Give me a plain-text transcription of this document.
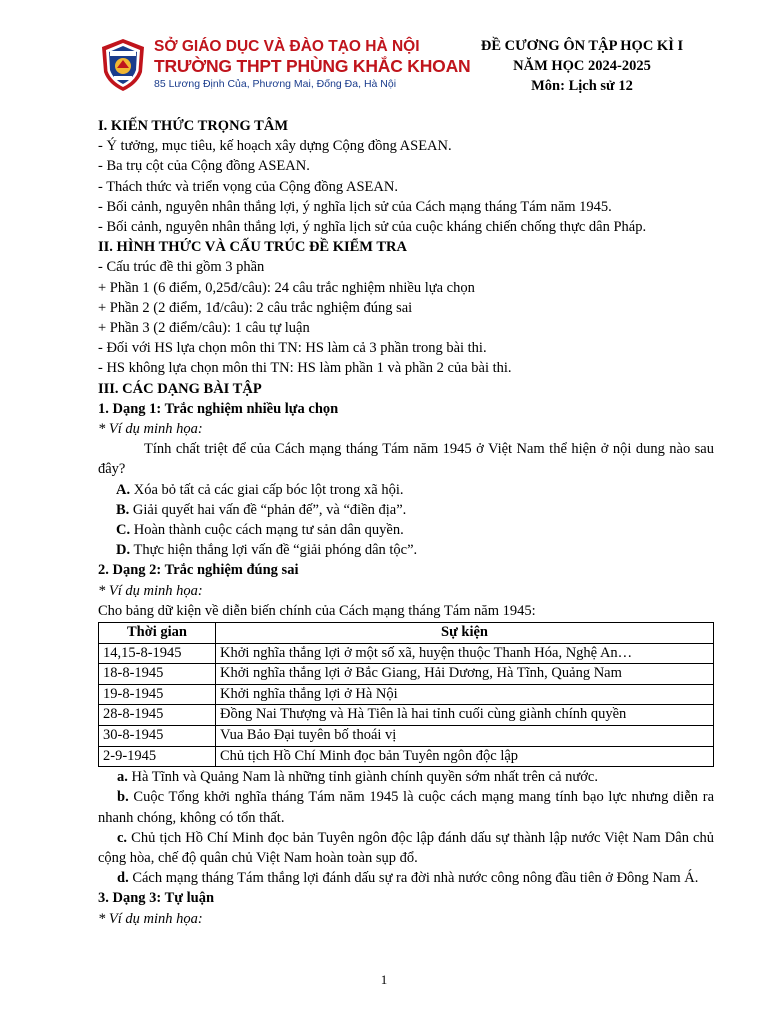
SỞ GIÁO DỤC VÀ ĐÀO TẠO HÀ NỘI
TRƯỜNG THPT PHÙNG KHẮC KHOAN
85 Lương Định Của, Phương Mai, Đống Đa, Hà Nội
ĐỀ CƯƠNG ÔN TẬP HỌC KÌ I
NĂM HỌC 2024-2025
Môn: Lịch sử 12

I. KIẾN THỨC TRỌNG TÂM

- Ý tưởng, mục tiêu, kế hoạch xây dựng Cộng đồng ASEAN.

- Ba trụ cột của Cộng đồng ASEAN.

- Thách thức và triển vọng của Cộng đồng ASEAN.

- Bối cảnh, nguyên nhân thắng lợi, ý nghĩa lịch sử của Cách mạng tháng Tám năm 1945.

- Bối cảnh, nguyên nhân thắng lợi, ý nghĩa lịch sử của cuộc kháng chiến chống thực dân Pháp.

II. HÌNH THỨC VÀ CẤU TRÚC ĐỀ KIỂM TRA

- Cấu trúc đề thi gồm 3 phần

+ Phần 1 (6 điểm, 0,25đ/câu): 24 câu trắc nghiệm nhiều lựa chọn

+ Phần 2 (2 điểm, 1đ/câu): 2 câu trắc nghiệm đúng sai

+ Phần 3 (2 điểm/câu): 1 câu tự luận

- Đối với HS lựa chọn môn thi TN: HS làm cả 3 phần trong bài thi.

- HS không lựa chọn môn thi TN: HS làm phần 1 và phần 2 của bài thi.

III. CÁC DẠNG BÀI TẬP

1. Dạng 1: Trắc nghiệm nhiều lựa chọn

* Ví dụ minh họa:

Tính chất triệt để của Cách mạng tháng Tám năm 1945 ở Việt Nam thể hiện ở nội dung nào sau đây?

A. Xóa bỏ tất cả các giai cấp bóc lột trong xã hội.

B. Giải quyết hai vấn đề “phản đế”, và “điền địa”.

C. Hoàn thành cuộc cách mạng tư sản dân quyền.

D. Thực hiện thắng lợi vấn đề “giải phóng dân tộc”.

2. Dạng 2: Trắc nghiệm đúng sai

* Ví dụ minh họa:

Cho bảng dữ kiện về diễn biến chính của Cách mạng tháng Tám năm 1945:

Thời gian	Sự kiện
14,15-8-1945	Khởi nghĩa thắng lợi ở một số xã, huyện thuộc Thanh Hóa, Nghệ An…
18-8-1945	Khởi nghĩa thắng lợi ở Bắc Giang, Hải Dương, Hà Tĩnh, Quảng Nam
19-8-1945	Khởi nghĩa thắng lợi ở Hà Nội
28-8-1945	Đồng Nai Thượng và Hà Tiên là hai tỉnh cuối cùng giành chính quyền
30-8-1945	Vua Bảo Đại tuyên bố thoái vị
2-9-1945	Chủ tịch Hồ Chí Minh đọc bản Tuyên ngôn độc lập

a. Hà Tĩnh và Quảng Nam là những tỉnh giành chính quyền sớm nhất trên cả nước.

b. Cuộc Tổng khởi nghĩa tháng Tám năm 1945 là cuộc cách mạng mang tính bạo lực nhưng diễn ra nhanh chóng, không có tổn thất.

c. Chủ tịch Hồ Chí Minh đọc bản Tuyên ngôn độc lập đánh dấu sự thành lập nước Việt Nam Dân chủ cộng hòa, chế độ quân chủ Việt Nam hoàn toàn sụp đổ.

d. Cách mạng tháng Tám thắng lợi đánh dấu sự ra đời nhà nước công nông đầu tiên ở Đông Nam Á.

3. Dạng 3: Tự luận

* Ví dụ minh họa:

1
